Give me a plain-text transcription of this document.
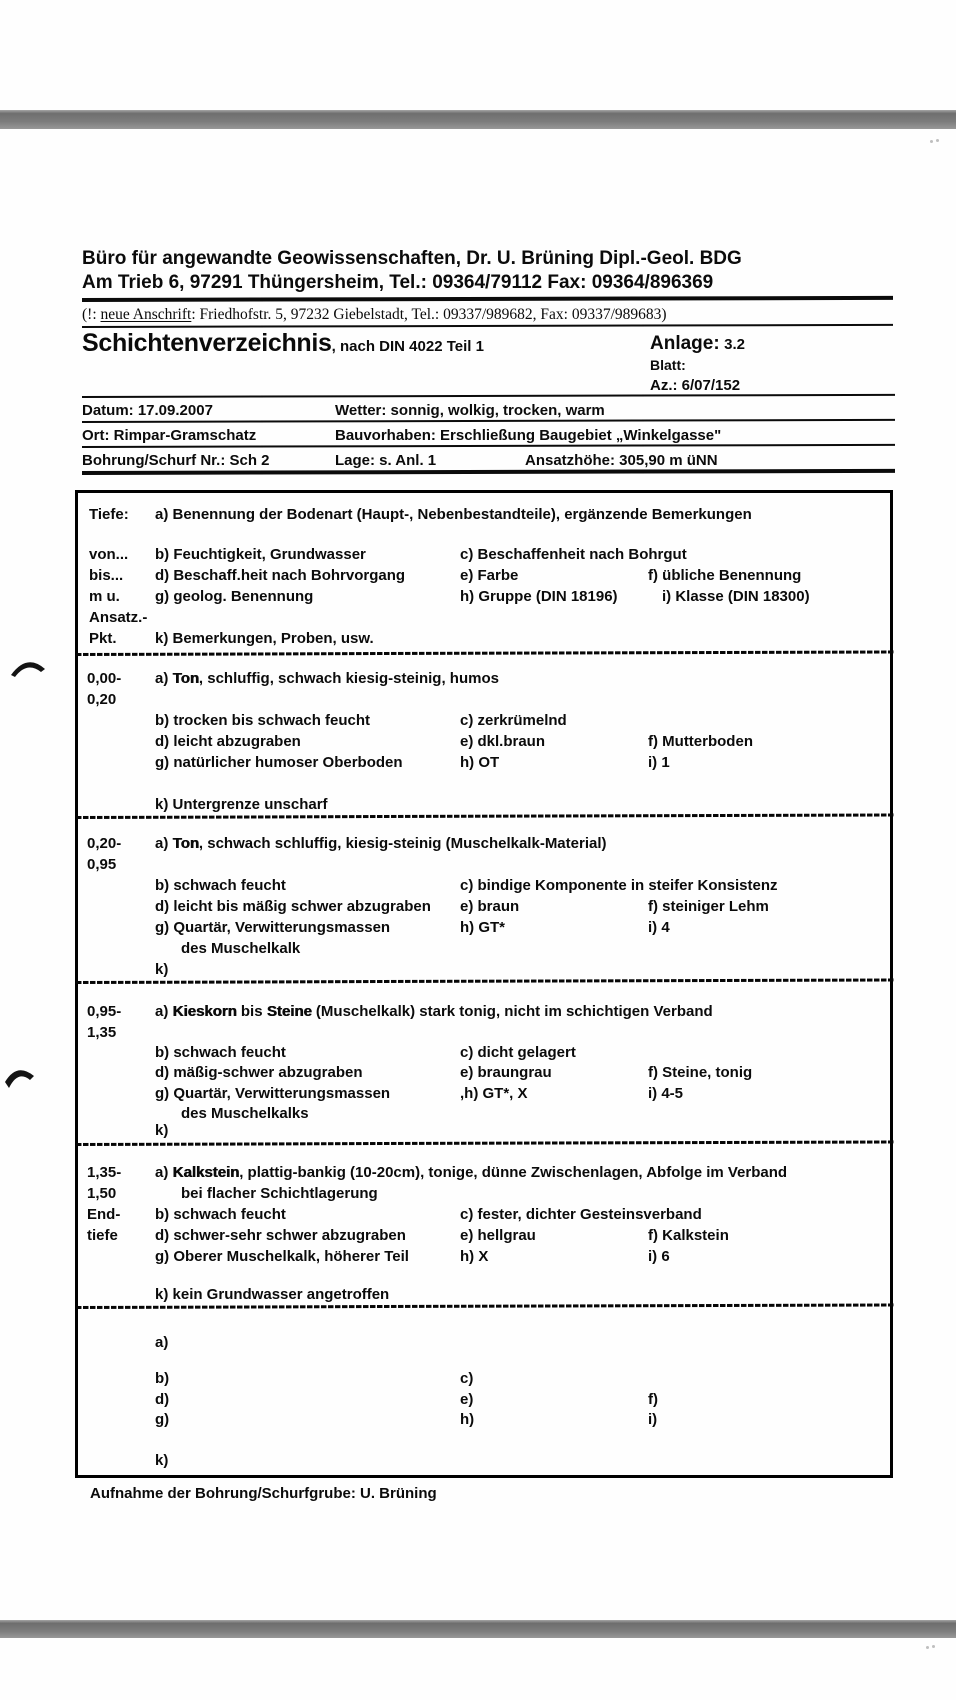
Büro für angewandte Geowissenschaften, Dr. U. Brüning Dipl.-Geol. BDG
Am Trieb 6, 97291 Thüngersheim, Tel.: 09364/79112 Fax: 09364/896369
(!: neue Anschrift: Friedhofstr. 5, 97232 Giebelstadt, Tel.: 09337/989682, Fax: 09337/989683)
Schichtenverzeichnis, nach DIN 4022 Teil 1	Anlage: 3.2
Blatt:
Az.: 6/07/152
Datum: 17.09.2007	Wetter: sonnig, wolkig, trocken, warm
Ort: Rimpar-Gramschatz	Bauvorhaben: Erschließung Baugebiet „Winkelgasse"
Bohrung/Schurf Nr.: Sch 2	Lage: s. Anl. 1	Ansatzhöhe: 305,90 m üNN
Tiefe: a) Benennung der Bodenart (Haupt-, Nebenbestandteile), ergänzende Bemerkungen
von... b) Feuchtigkeit, Grundwasser	c) Beschaffenheit nach Bohrgut
bis... d) Beschaff.heit nach Bohrvorgang	e) Farbe	f) übliche Benennung
m u. g) geolog. Benennung	h) Gruppe (DIN 18196)	i) Klasse (DIN 18300)
Ansatz.-
Pkt.	k) Bemerkungen, Proben, usw.
0,00- a) Ton, schluffig, schwach kiesig-steinig, humos
0,20
b) trocken bis schwach feucht	c) zerkrümelnd
d) leicht abzugraben	e) dkl.braun	f) Mutterboden
g) natürlicher humoser Oberboden	h) OT	i) 1
k) Untergrenze unscharf
0,20- a) Ton, schwach schluffig, kiesig-steinig (Muschelkalk-Material)
0,95
b) schwach feucht	c) bindige Komponente in steifer Konsistenz
d) leicht bis mäßig schwer abzugraben e) braun	f) steiniger Lehm
g) Quartär, Verwitterungsmassen	h) GT*	i) 4
des Muschelkalk
k)
0,95- a) Kieskorn bis Steine (Muschelkalk) stark tonig, nicht im schichtigen Verband
1,35
b) schwach feucht	c) dicht gelagert
d) mäßig-schwer abzugraben	e) braungrau	f) Steine, tonig
g) Quartär, Verwitterungsmassen	,h) GT*, X	i) 4-5
des Muschelkalks
k)
1,35- a) Kalkstein, plattig-bankig (10-20cm), tonige, dünne Zwischenlagen, Abfolge im Verband
1,50	bei flacher Schichtlagerung
End- b) schwach feucht	c) fester, dichter Gesteinsverband
tiefe d) schwer-sehr schwer abzugraben	e) hellgrau	f) Kalkstein
g) Oberer Muschelkalk, höherer Teil	h) X	i) 6
k) kein Grundwasser angetroffen
a)
b)	c)
d)	e)	f)
g)	h)	i)
k)
Aufnahme der Bohrung/Schurfgrube: U. Brüning
